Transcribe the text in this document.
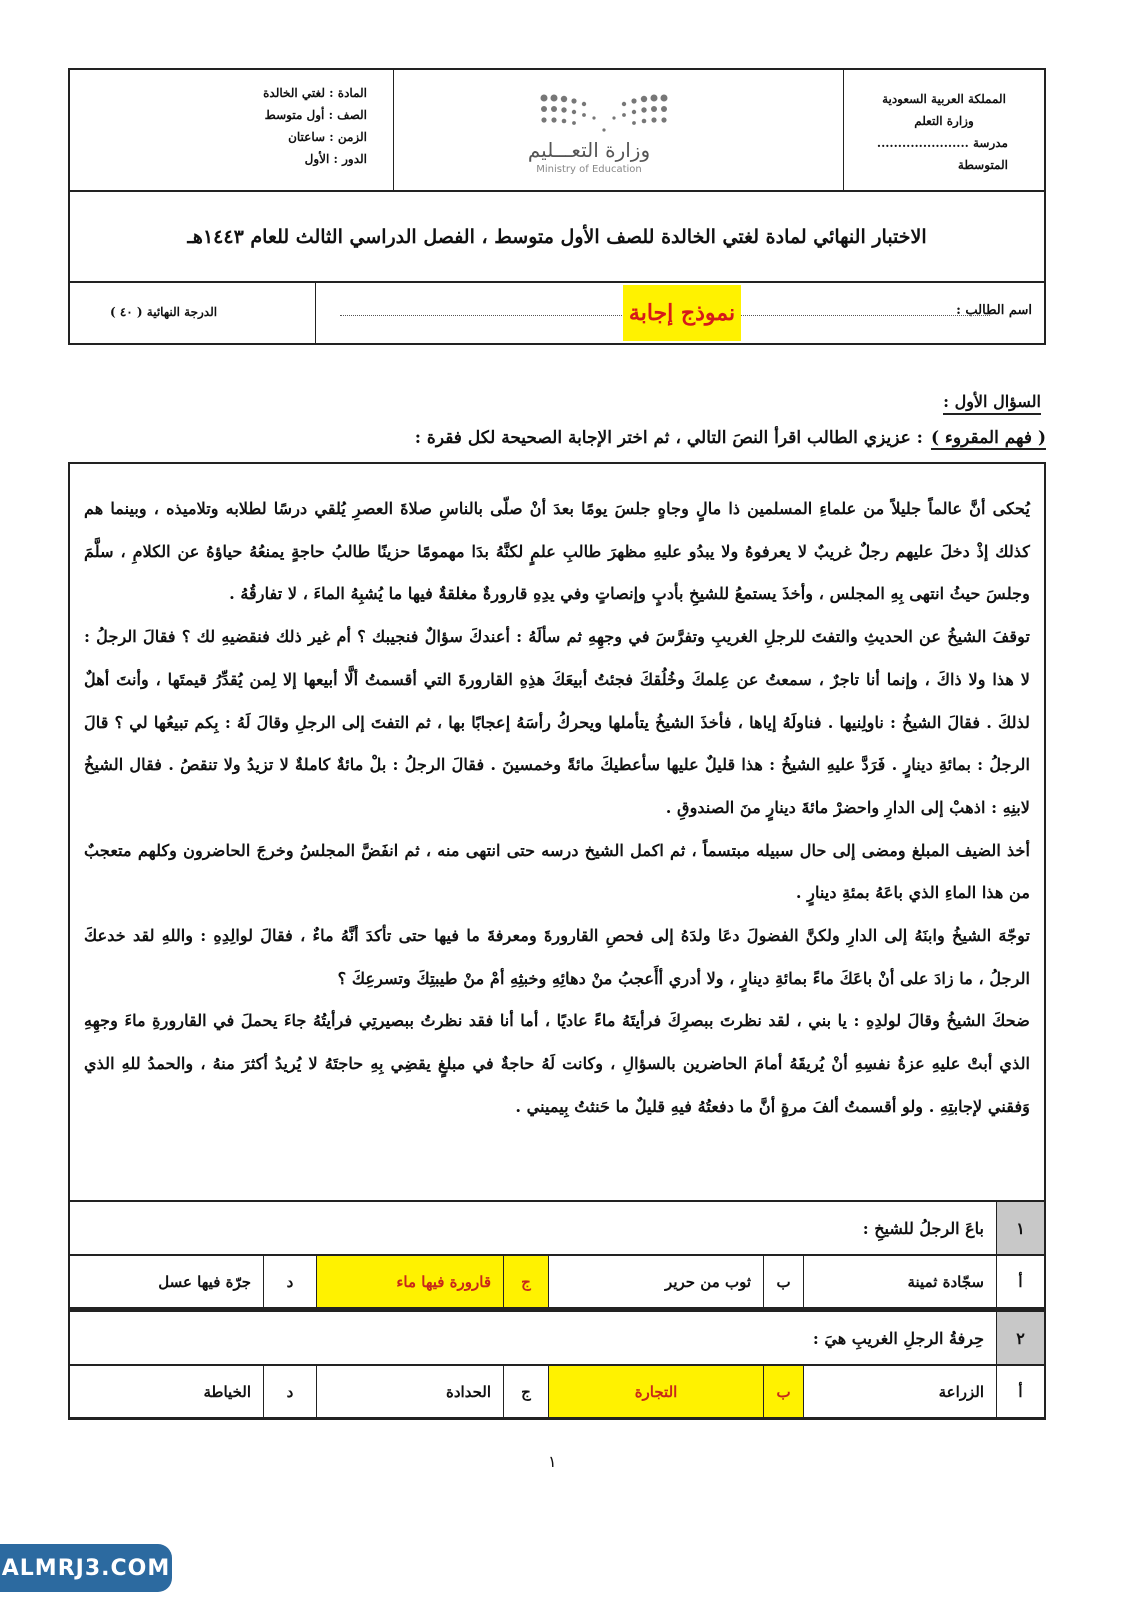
المملكة العربية السعودية
وزارة التعلم
مدرسة ...................... المتوسطة
وزارة التعـــليم
Ministry of Education
المادة : لغتي الخالدة
الصف : أول متوسط
الزمن : ساعتان
الدور : الأول
الاختبار النهائي لمادة لغتي الخالدة للصف الأول متوسط ، الفصل الدراسي الثالث للعام ١٤٤٣هـ
اسم الطالب :
نموذج إجابة
الدرجة النهائية ( ٤٠ )
السؤال الأول :
( فهم المقروء )
: عزيزي الطالب اقرأ النصَ التالي ، ثم اختر الإجابة الصحيحة لكل فقرة :

يُحكى أنَّ عالماً جليلاً من علماءِ المسلمين ذا مالٍ وجاهٍ جلسَ يومًا بعدَ أنْ صلّى بالناسِ صلاةَ العصرِ يُلقي درسًا لطلابه وتلاميذه ، وبينما هم كذلك إذْ دخلَ عليهم رجلٌ غريبٌ لا يعرفوهُ ولا يبدُو عليهِ مظهرَ طالبِ علمٍ لكنَّهُ بدَا مهمومًا حزينًا طالبُ حاجةٍ يمنعُهُ حياؤهُ عن الكلامِ ، سلَّمَ وجلسَ حيثُ انتهى بِهِ المجلس ، وأخذَ يستمعُ للشيخِ بأدبٍ وإنصاتٍ وفي يدِهِ قارورةٌ مغلقةٌ فيها ما يُشبِهُ الماءَ ، لا تفارقُهُ .

توقفَ الشيخُ عن الحديثِ والتفتَ للرجلِ الغريبِ وتفرَّسَ في وجهِهِ ثم سألَهُ : أعندكَ سؤالٌ فنجيبك ؟ أم غير ذلك فنقضيهِ لك ؟ فقالَ الرجلُ : لا هذا ولا ذاكَ ، وإنما أنا تاجرٌ ، سمعتُ عن عِلمكَ وخُلُقكَ فجئتُ أبيعَكَ هذِهِ القارورةَ التي أقسمتُ ألَّا أبيعها إلا لِمن يُقدِّرُ قيمتَها ، وأنتَ أهلٌ لذلكَ . فقالَ الشيخُ : ناولِنيها . فناولَهُ إياها ، فأخذَ الشيخُ يتأملها ويحركُ رأسَهُ إعجابًا بها ، ثم التفتَ إلى الرجلِ وقالَ لَهُ : بِكم تبيعُها لي ؟ قالَ الرجلُ : بمائةِ دينارٍ . فَرَدَّ عليهِ الشيخُ : هذا قليلٌ عليها سأعطيكَ مائةً وخمسينَ . فقالَ الرجلُ : بلْ مائةٌ كاملةٌ لا تزيدُ ولا تنقصُ . فقال الشيخُ لابنِهِ : اذهبْ إلى الدارِ واحضرْ مائةَ دينارٍ منَ الصندوقِ .

أخذ الضيف المبلغ ومضى إلى حال سبيله مبتسماً ، ثم اكمل الشيخ درسه حتى انتهى منه ، ثم انفَضَّ المجلسُ وخرجَ الحاضرون وكلهم متعجبٌ من هذا الماءِ الذي باعَهُ بمئةِ دينارٍ .

توجّهَ الشيخُ وابنَهُ إلى الدارِ ولكنَّ الفضولَ دعَا ولدَهُ إلى فحصِ القارورةَ ومعرفةَ ما فيها حتى تأكدَ أنَّهُ ماءٌ ، فقالَ لوالِدِهِ : واللهِ لقد خدعكَ الرجلُ ، ما زادَ على أنْ باعَكَ ماءً بمائةِ دينارٍ ، ولا أدري أأَعجبُ منْ دهائِهِ وخبثِهِ أمْ منْ طيبتِكَ وتسرعِكَ ؟

ضحكَ الشيخُ وقالَ لولدِهِ : يا بني ، لقد نظرتَ ببصرِكَ فرأيتَهُ ماءً عاديًا ، أما أنا فقد نظرتُ ببصيرتِي فرأيتُهُ جاءَ يحملَ في القارورةِ ماءَ وجهِهِ الذي أبتْ عليهِ عزةُ نفسِهِ أنْ يُريقَهُ أمامَ الحاضرين بالسؤالِ ، وكانت لَهُ حاجةٌ في مبلغٍ يقضِي بِهِ حاجتَهُ لا يُريدُ أكثرَ منهُ ، والحمدُ للهِ الذي وَفقني لإجابتِهِ . ولو أقسمتُ ألفَ مرةٍ أنَّ ما دفعتُهُ فيهِ قليلٌ ما حَنثتُ بِيميني .

١
باعَ الرجلُ للشيخِ :
أ
سجّادة ثمينة
ب
ثوب من حرير
ج
قارورة فيها ماء
د
جرّة فيها عسل
٢
حِرفةُ الرجلِ الغريبِ هيَ :
أ
الزراعة
ب
التجارة
ج
الحدادة
د
الخياطة
١
ALMRJ3.COM
